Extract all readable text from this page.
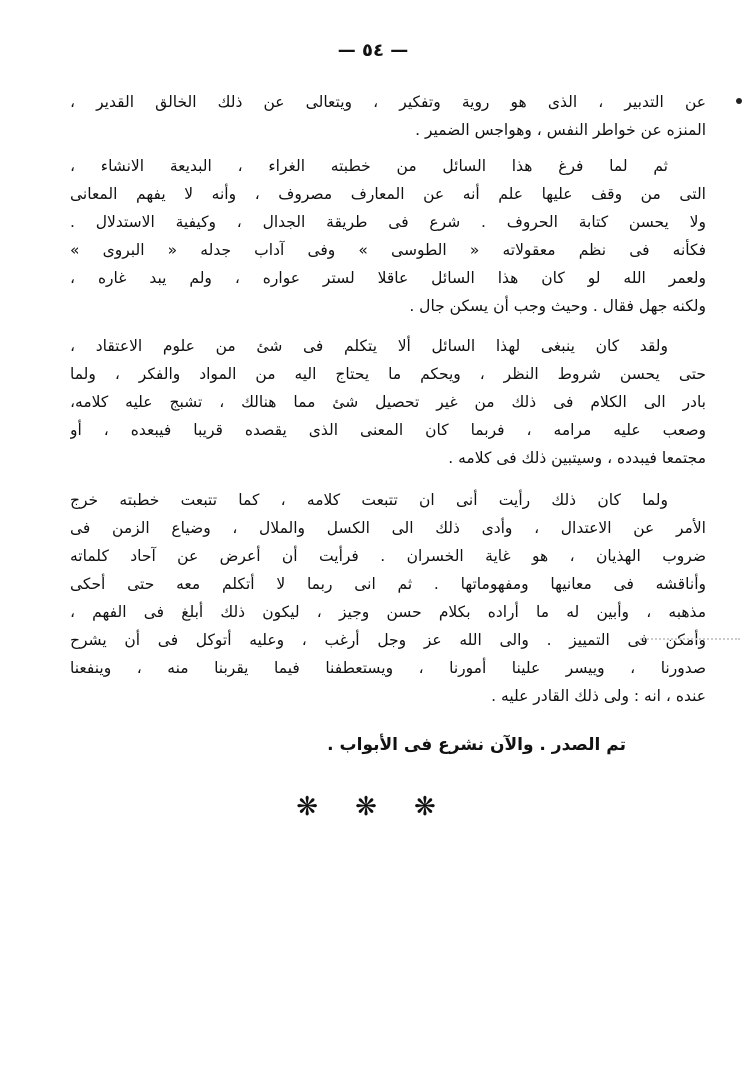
— ٥٤ —
عن التدبير ، الذى هو روية وتفكير ، ويتعالى عن ذلك الخالق القدير ،
المنزه عن خواطر النفس ، وهواجس الضمير .
ثم لما فرغ هذا السائل من خطبته الغراء ، البديعة الانشاء ،
التى من وقف عليها علم أنه عن المعارف مصروف ، وأنه لا يفهم المعانى
ولا يحسن كتابة الحروف . شرع فى طريقة الجدال ، وكيفية الاستدلال .
فكأنه فى نظم معقولاته « الطوسى » وفى آداب جدله « البروى »
ولعمر الله لو كان هذا السائل عاقلا لستر عواره ، ولم يبد غاره ،
ولكنه جهل فقال . وحيث وجب أن يسكن جال .
ولقد كان ينبغى لهذا السائل ألا يتكلم فى شئ من علوم الاعتقاد ،
حتى يحسن شروط النظر ، ويحكم ما يحتاج اليه من المواد والفكر ، ولما
بادر الى الكلام فى ذلك من غير تحصيل شئ مما هنالك ، تشبج عليه كلامه،
وصعب عليه مرامه ، فربما كان المعنى الذى يقصده قريبا فيبعده ، أو
مجتمعا فيبدده ، وسيتبين ذلك فى كلامه .
ولما كان ذلك رأيت أنى ان تتبعت كلامه ، كما تتبعت خطبته خرج
الأمر عن الاعتدال ، وأدى ذلك الى الكسل والملال ، وضياع الزمن فى
ضروب الهذيان ، هو غاية الخسران . فرأيت أن أعرض عن آحاد كلماته
وأناقشه فى معانيها ومفهوماتها . ثم انى ربما لا أتكلم معه حتى أحكى
مذهبه ، وأبين له ما أراده بكلام حسن وجيز ، ليكون ذلك أبلغ فى الفهم ،
وأمكن فى التمييز . والى الله عز وجل أرغب ، وعليه أتوكل فى أن يشرح
صدورنا ، وييسر علينا أمورنا ، ويستعطفنا فيما يقربنا منه ، وينفعنا
عنده ، انه : ولى ذلك القادر عليه .
تم الصدر . والآن نشرع فى الأبواب .
❋ ❋ ❋
